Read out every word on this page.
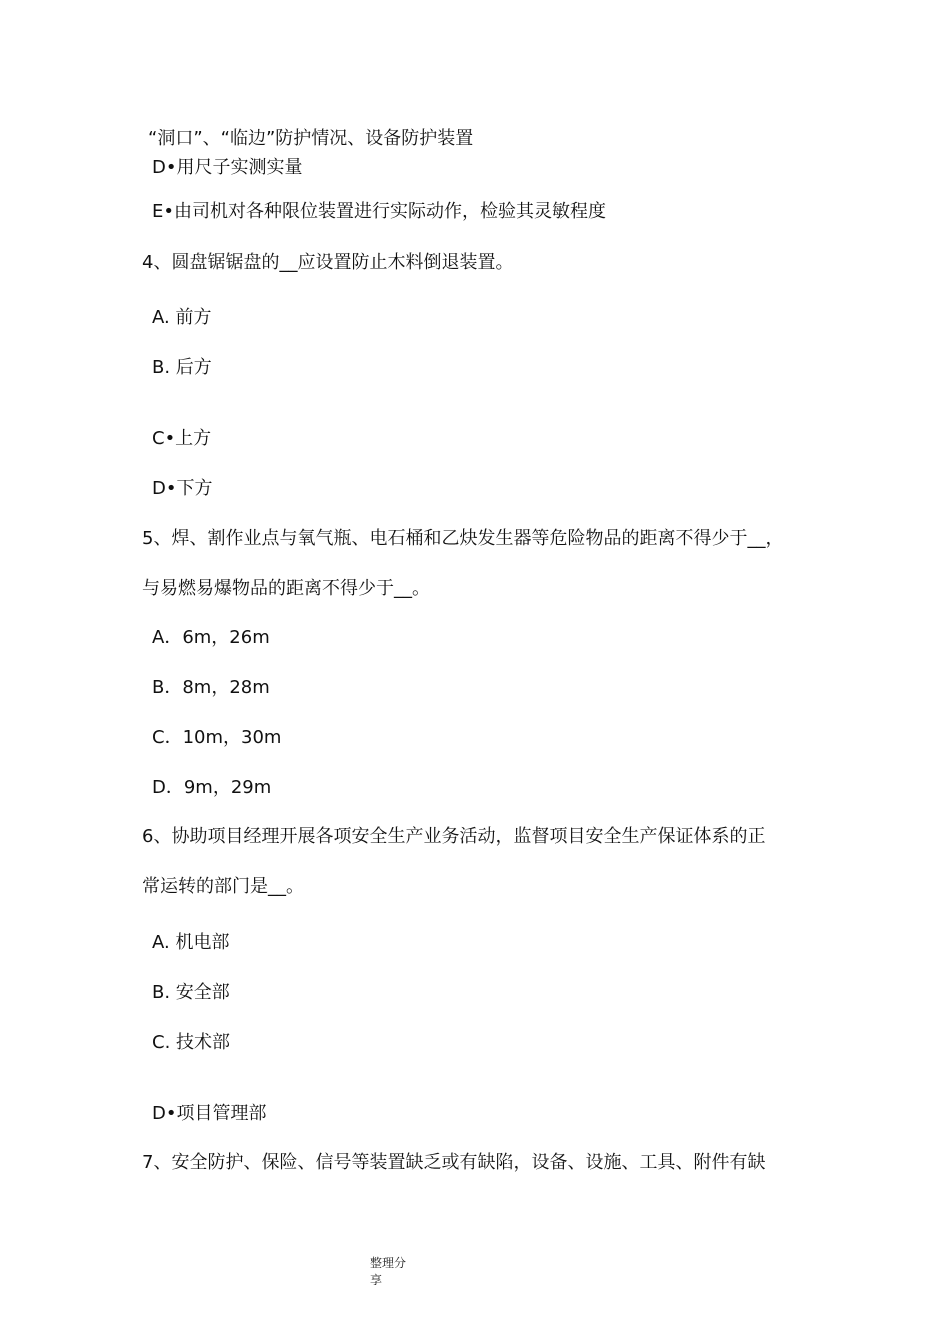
“洞口”、“临边”防护情况、设备防护装置
D•用尺子实测实量
E•由司机对各种限位装置进行实际动作，检验其灵敏程度
4、圆盘锯锯盘的__应设置防止木料倒退装置。
A. 前方
B. 后方
C•上方
D•下方
5、焊、割作业点与氧气瓶、电石桶和乙炔发生器等危险物品的距离不得少于__，
与易燃易爆物品的距离不得少于__。
A．6m，26m
B．8m，28m
C．10m，30m
D．9m，29m
6、协助项目经理开展各项安全生产业务活动，监督项目安全生产保证体系的正
常运转的部门是__。
A. 机电部
B. 安全部
C. 技术部
D•项目管理部
7、安全防护、保险、信号等装置缺乏或有缺陷，设备、设施、工具、附件有缺
整理分
享
